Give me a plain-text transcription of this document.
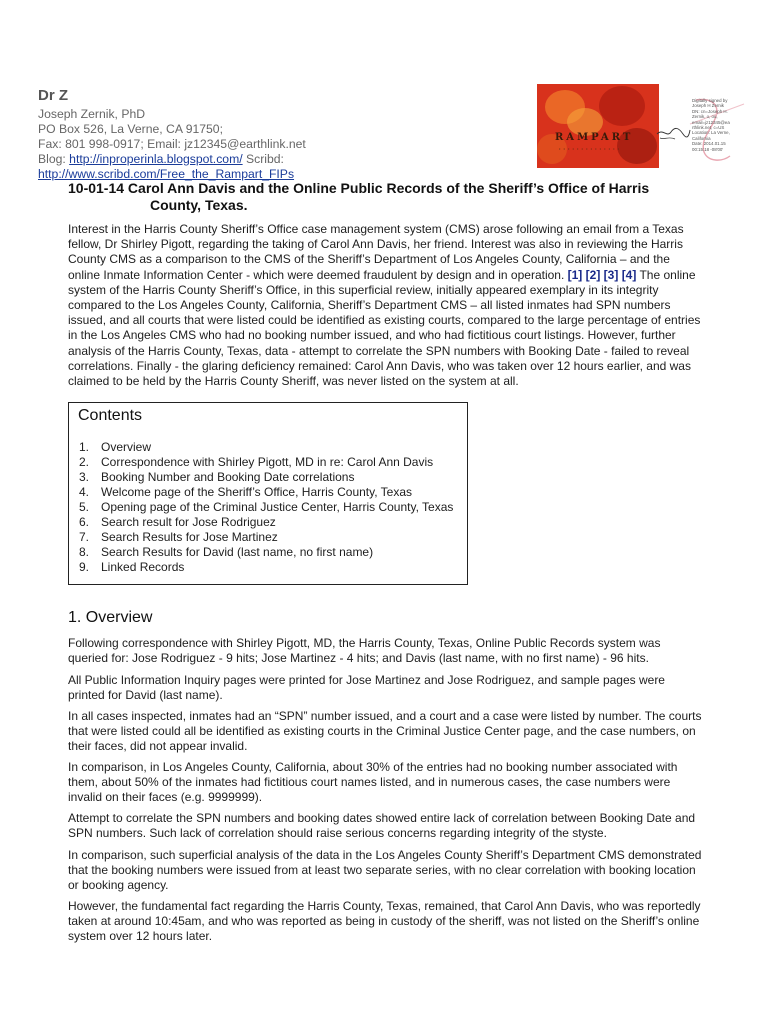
Dr Z
Joseph Zernik, PhD
PO Box 526, La Verne, CA 91750;
Fax: 801 998-0917; Email: jz12345@earthlink.net
Blog: http://inproperinla.blogspot.com/ Scribd: http://www.scribd.com/Free_the_Rampart_FIPs
RAMPART
• • • • • • • • • • • • • •
Digitally signed by
Joseph H Zernik
DN: cn=Joseph H.
Zernik, o, ou,
email=jz12345@ea
rthlink.net, c=US
Location: La Verne,
California
Date: 2014.01.15
00:15:18 -08'00'
10-01-14 Carol Ann Davis and the Online Public Records of the Sheriff’s Office of Harris
County, Texas.

Interest in the Harris County Sheriff’s Office case management system (CMS) arose following an email from a Texas fellow, Dr Shirley Pigott, regarding the taking of Carol Ann Davis, her friend. Interest was also in reviewing the Harris County CMS as a comparison to the CMS of the Sheriff’s Department of Los Angeles County, California – and the online Inmate Information Center - which were deemed fraudulent by design and in operation. [1] [2] [3] [4] The online system of the Harris County Sheriff’s Office, in this superficial review, initially appeared exemplary in its integrity compared to the Los Angeles County, California, Sheriff’s Department CMS – all listed inmates had SPN numbers issued, and all courts that were listed could be identified as existing courts, compared to the large percentage of entries in the Los Angeles CMS who had no booking number issued, and who had fictitious court listings. However, further analysis of the Harris County, Texas, data - attempt to correlate the SPN numbers with Booking Date - failed to reveal correlations. Finally - the glaring deficiency remained: Carol Ann Davis, who was taken over 12 hours earlier, and was claimed to be held by the Harris County Sheriff, was never listed on the system at all.

Contents
1. Overview
2. Correspondence with Shirley Pigott, MD in re: Carol Ann Davis
3. Booking Number and Booking Date correlations
4. Welcome page of the Sheriff’s Office, Harris County, Texas
5. Opening page of the Criminal Justice Center, Harris County, Texas
6. Search result for Jose Rodriguez
7. Search Results for Jose Martinez
8. Search Results for David (last name, no first name)
9. Linked Records
1. Overview

Following correspondence with Shirley Pigott, MD, the Harris County, Texas, Online Public Records system was queried for: Jose Rodriguez - 9 hits; Jose Martinez - 4 hits; and Davis (last name, with no first name) - 96 hits.

All Public Information Inquiry pages were printed for Jose Martinez and Jose Rodriguez, and sample pages were printed for David (last name).

In all cases inspected, inmates had an “SPN” number issued, and a court and a case were listed by number. The courts that were listed could all be identified as existing courts in the Criminal Justice Center page, and the case numbers, on their faces, did not appear invalid.

In comparison, in Los Angeles County, California, about 30% of the entries had no booking number associated with them, about 50% of the inmates had fictitious court names listed, and in numerous cases, the case numbers were invalid on their faces (e.g. 9999999).

Attempt to correlate the SPN numbers and booking dates showed entire lack of correlation between Booking Date and SPN numbers. Such lack of correlation should raise serious concerns regarding integrity of the styste.

In comparison, such superficial analysis of the data in the Los Angeles County Sheriff’s Department CMS demonstrated that the booking numbers were issued from at least two separate series, with no clear correlation with booking location or booking agency.

However, the fundamental fact regarding the Harris County, Texas, remained, that Carol Ann Davis, who was reportedly taken at around 10:45am, and who was reported as being in custody of the sheriff, was not listed on the Sheriff’s online system over 12 hours later.
